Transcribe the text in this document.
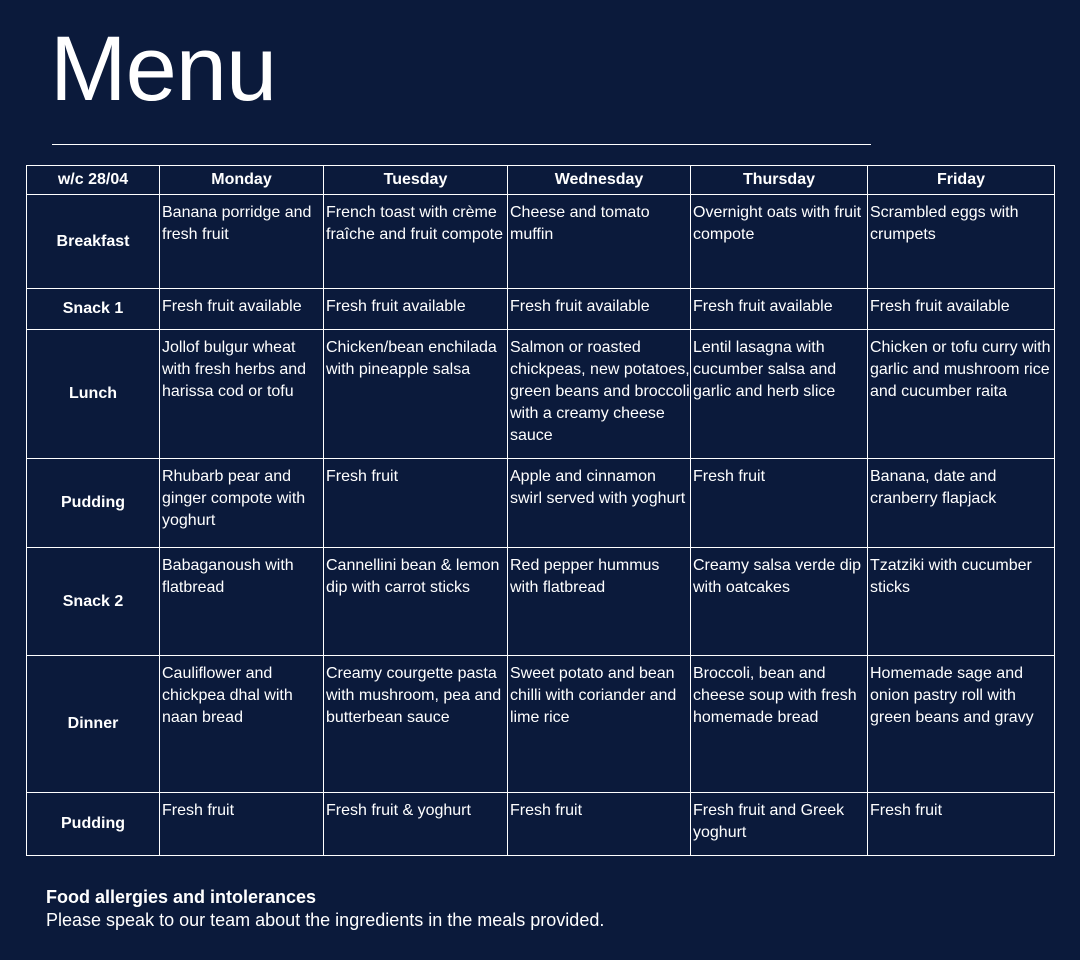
Menu
w/c 28/04	Monday	Tuesday	Wednesday	Thursday	Friday
Breakfast	Banana porridge and fresh fruit	French toast with crème fraîche and fruit compote	Cheese and tomato muffin	Overnight oats with fruit compote	Scrambled eggs with crumpets
Snack 1	Fresh fruit available	Fresh fruit available	Fresh fruit available	Fresh fruit available	Fresh fruit available
Lunch	Jollof bulgur wheat with fresh herbs and harissa cod or tofu	Chicken/bean enchilada with pineapple salsa	Salmon or roasted chickpeas, new potatoes, green beans and broccoli with a creamy cheese sauce	Lentil lasagna with cucumber salsa and garlic and herb slice	Chicken or tofu curry with garlic and mushroom rice and cucumber raita
Pudding	Rhubarb pear and ginger compote with yoghurt	Fresh fruit	Apple and cinnamon swirl served with yoghurt	Fresh fruit	Banana, date and cranberry flapjack
Snack 2	Babaganoush with flatbread	Cannellini bean & lemon dip with carrot sticks	Red pepper hummus with flatbread	Creamy salsa verde dip with oatcakes	Tzatziki with cucumber sticks
Dinner	Cauliflower and chickpea dhal with naan bread	Creamy courgette pasta with mushroom, pea and butterbean sauce	Sweet potato and bean chilli with coriander and lime rice	Broccoli, bean and cheese soup with fresh homemade bread	Homemade sage and onion pastry roll with green beans and gravy
Pudding	Fresh fruit	Fresh fruit & yoghurt	Fresh fruit	Fresh fruit and Greek yoghurt	Fresh fruit
Food allergies and intolerances
Please speak to our team about the ingredients in the meals provided.
